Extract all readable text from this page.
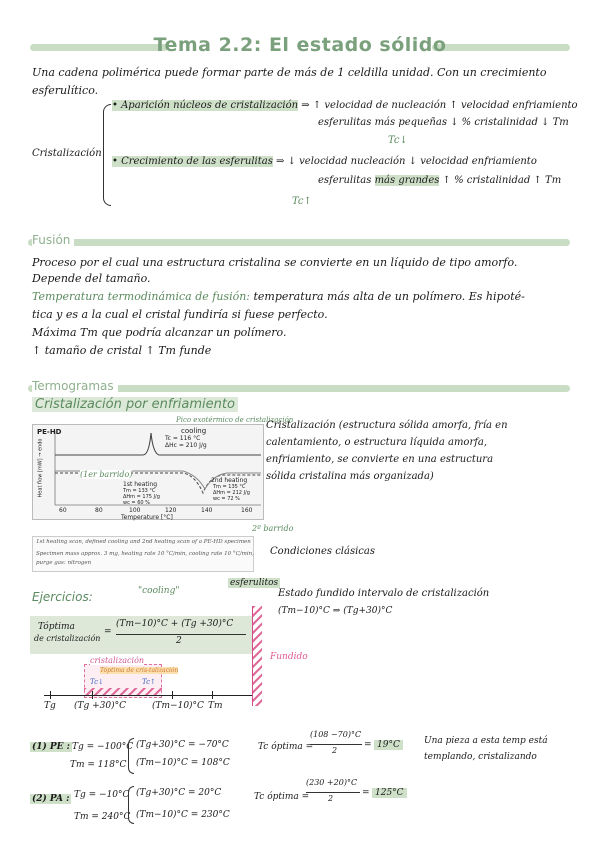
Tema 2.2: El estado sólido
Una cadena polimérica puede formar parte de más de 1 celdilla unidad. Con un crecimiento
esferulítico.
Cristalización
• Aparición núcleos de cristalización ⇒ ↑ velocidad de nucleación ↑ velocidad enfriamiento
esferulitas más pequeñas ↓ % cristalinidad ↓ Tm
Tc↓
• Crecimiento de las esferulitas ⇒ ↓ velocidad nucleación ↓ velocidad enfriamiento
esferulitas más grandes ↑ % cristalinidad ↑ Tm
Tc↑
Fusión
Proceso por el cual una estructura cristalina se convierte en un líquido de tipo amorfo.
Depende del tamaño.
Temperatura termodinámica de fusión: temperatura más alta de un polímero. Es hipoté-
tica y es a la cual el cristal fundiría si fuese perfecto.
Máxima Tm que podría alcanzar un polímero.
↑ tamaño de cristal ↑ Tm funde
Termogramas
Cristalización por enfriamiento
Pico exotérmico de cristalización
PE-HD
Heat flow [mW] → endo
cooling
Tc = 116 °C
ΔHc = 210 J/g
1st heating
Tm = 133 °C
ΔHm = 175 J/g
wc = 60 %
2nd heating
Tm = 135 °C
ΔHm = 212 J/g
wc = 72 %
60	80	100	120	140	160
Temperature [°C]
(1er barrido)
2º barrido
Cristalización (estructura sólida amorfa, fría en
calentamiento, o estructura líquida amorfa,
enfriamiento, se convierte en una estructura
sólida cristalina más organizada)
1st heating scan, defined cooling and 2nd heating scan of a PE-HD specimen
Specimen mass approx. 3 mg, heating rate 10 °C/min, cooling rate 10 °C/min,
purge gas: nitrogen
Condiciones clásicas
Ejercicios:	"cooling"
esferulitos
Estado fundido intervalo de cristalización
(Tm−10)°C ⇒ (Tg+30)°C
Tóptima
de cristalización
=
(Tm−10)°C + (Tg +30)°C
2
Fundido
cristalización
Tóptima de cris-talización
Tc↓	Tc↑
Tg (Tg +30)°C	(Tm−10)°C Tm
(1) PE : Tg = −100°C
Tm = 118°C
(Tg+30)°C = −70°C
(Tm−10)°C = 108°C
Tc óptima =
(108 −70)°C
2
= 19°C	Una pieza a esta temp está
templando, cristalizando
(2) PA : Tg = −10°C
Tm = 240°C
(Tg+30)°C = 20°C
(Tm−10)°C = 230°C
Tc óptima =
(230 +20)°C
2
= 125°C
